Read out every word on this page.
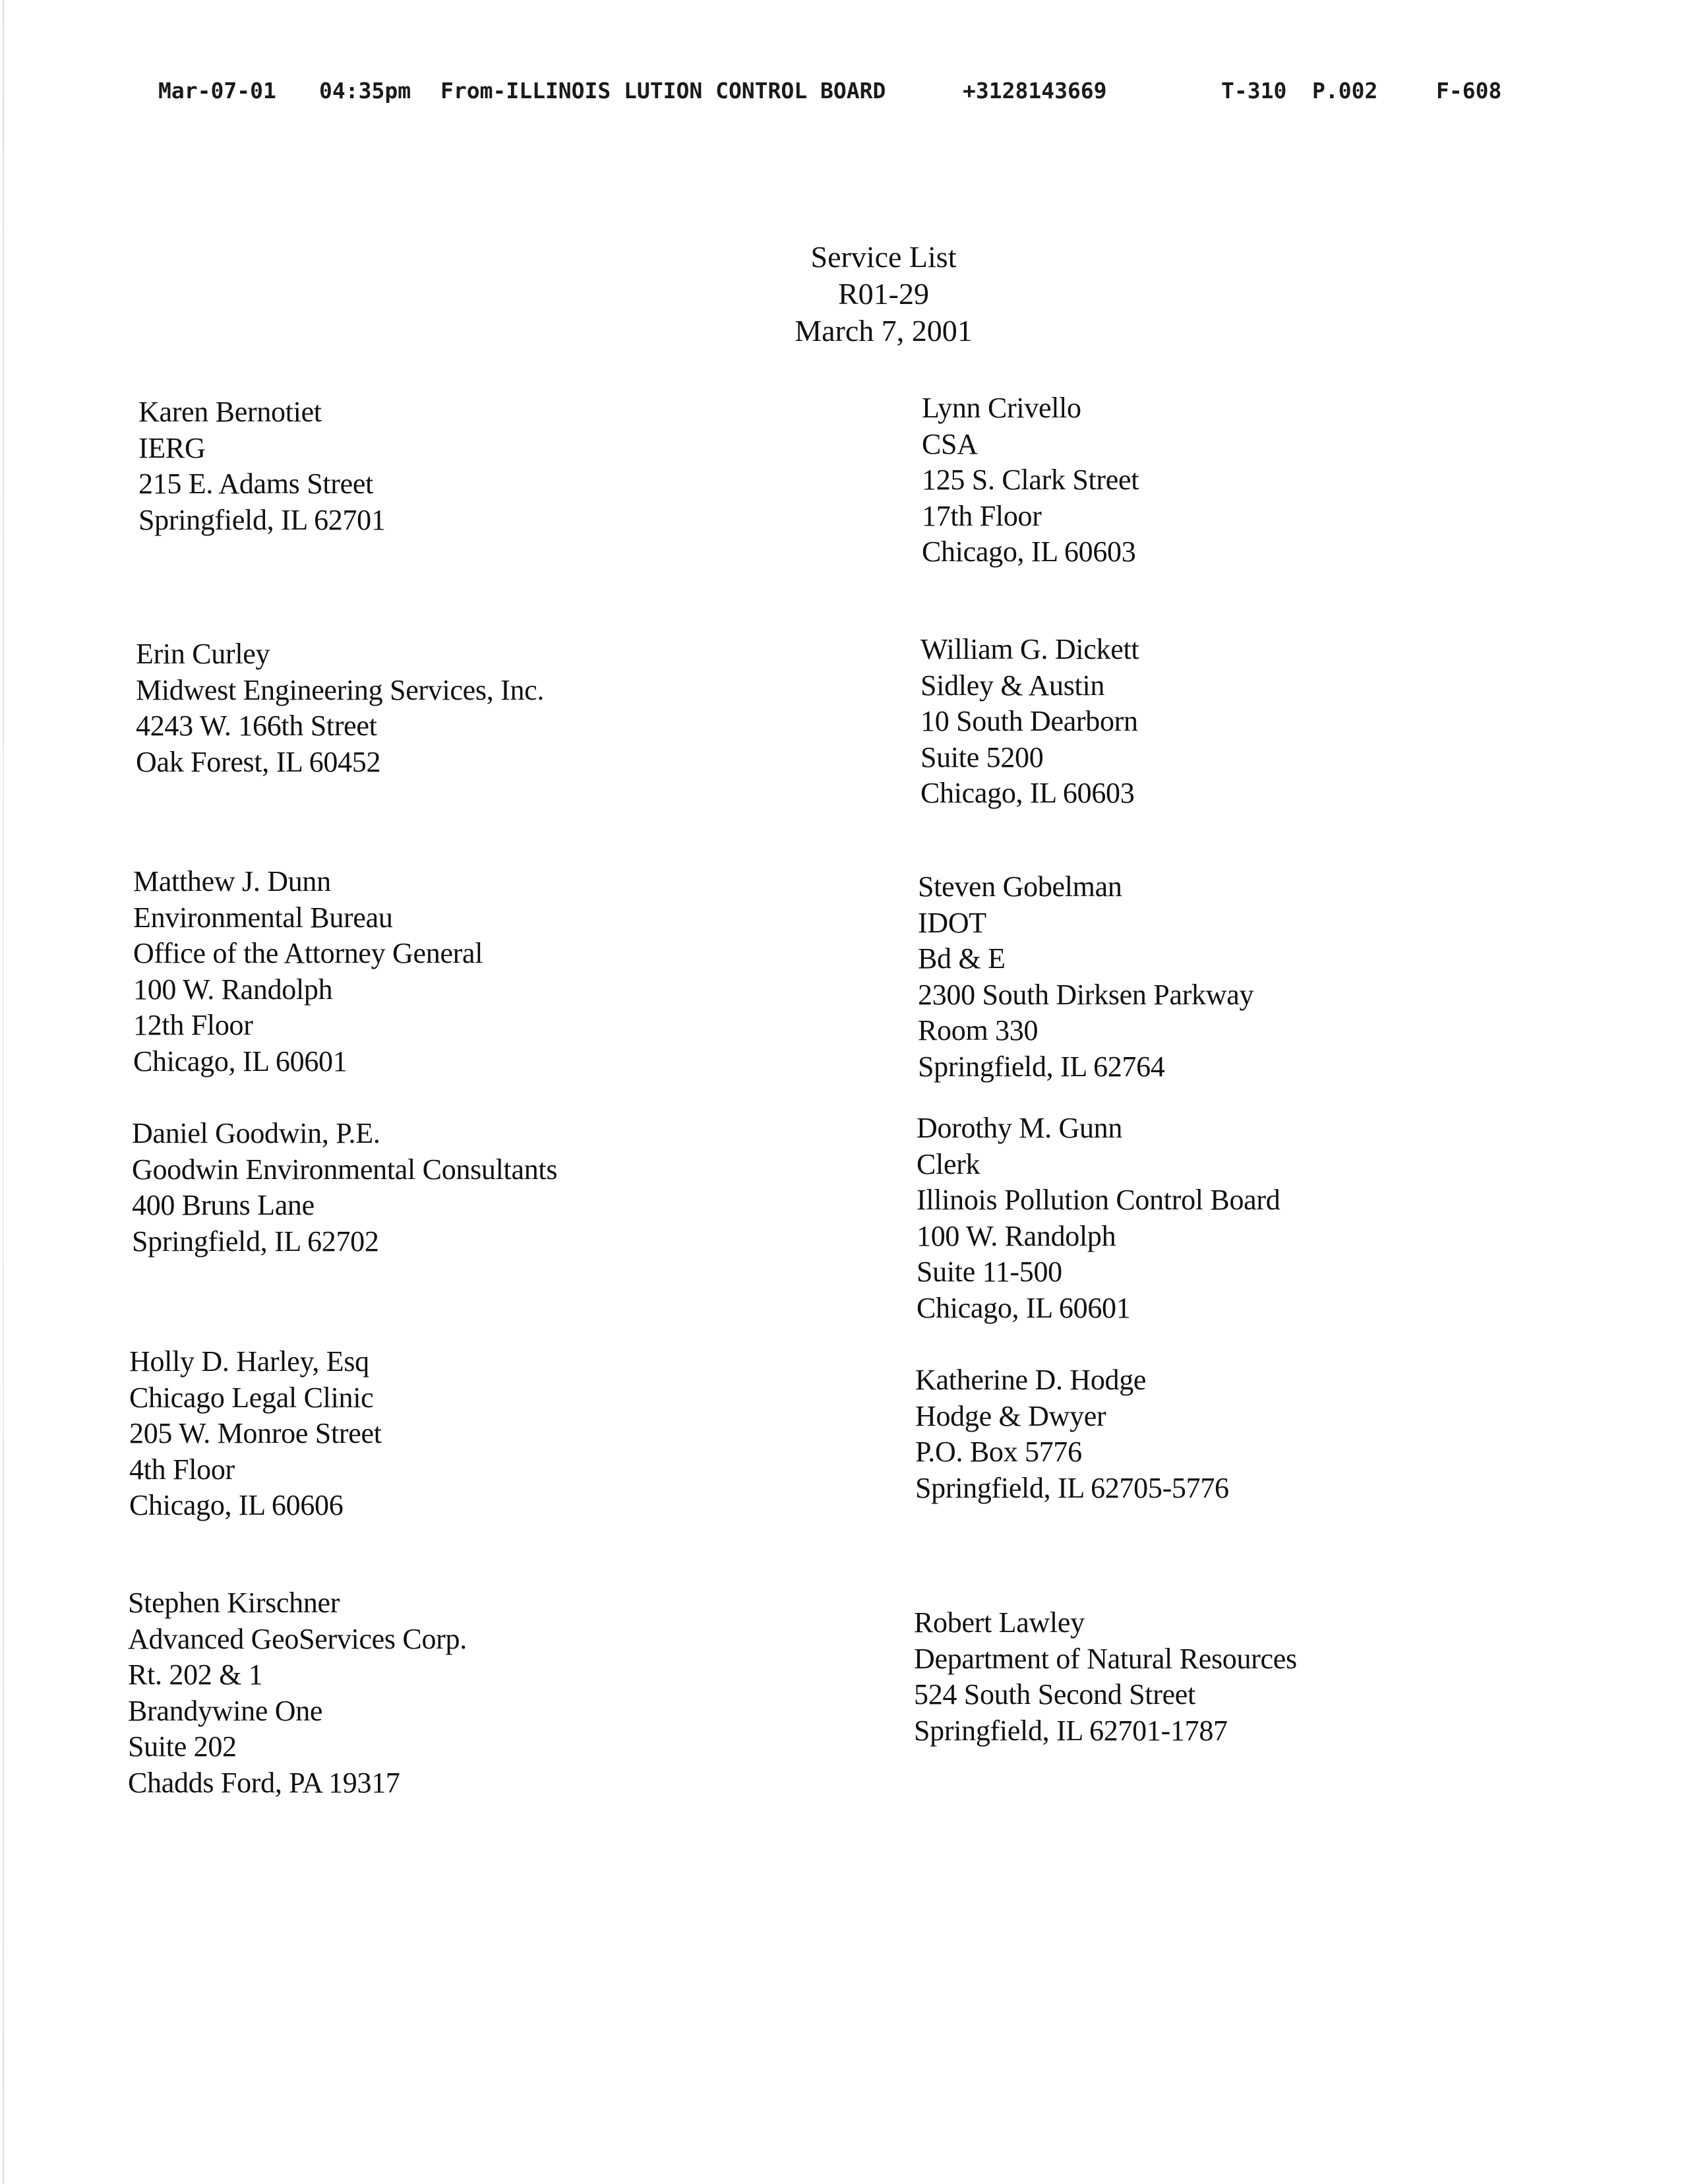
Mar-07-01 04:35pm From-ILLINOIS LUTION CONTROL BOARD	+3128143669	T-310 P.002	F-608
Service List
R01-29
March 7, 2001
Karen Bernotiet
IERG
215 E. Adams Street
Springfield, IL 62701
Erin Curley
Midwest Engineering Services, Inc.
4243 W. 166th Street
Oak Forest, IL 60452
Matthew J. Dunn
Environmental Bureau
Office of the Attorney General
100 W. Randolph
12th Floor
Chicago, IL 60601
Daniel Goodwin, P.E.
Goodwin Environmental Consultants
400 Bruns Lane
Springfield, IL 62702
Holly D. Harley, Esq
Chicago Legal Clinic
205 W. Monroe Street
4th Floor
Chicago, IL 60606
Stephen Kirschner
Advanced GeoServices Corp.
Rt. 202 & 1
Brandywine One
Suite 202
Chadds Ford, PA 19317
Lynn Crivello
CSA
125 S. Clark Street
17th Floor
Chicago, IL 60603
William G. Dickett
Sidley & Austin
10 South Dearborn
Suite 5200
Chicago, IL 60603
Steven Gobelman
IDOT
Bd & E
2300 South Dirksen Parkway
Room 330
Springfield, IL 62764
Dorothy M. Gunn
Clerk
Illinois Pollution Control Board
100 W. Randolph
Suite 11-500
Chicago, IL 60601
Katherine D. Hodge
Hodge & Dwyer
P.O. Box 5776
Springfield, IL 62705-5776
Robert Lawley
Department of Natural Resources
524 South Second Street
Springfield, IL 62701-1787
